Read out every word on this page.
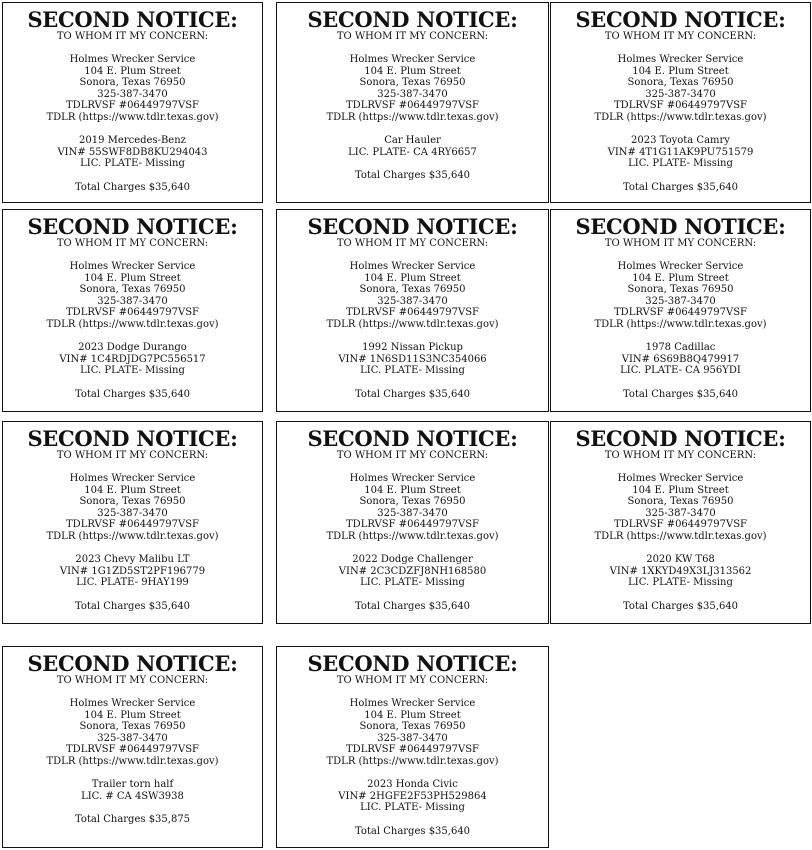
SECOND NOTICE:

TO WHOM IT MY CONCERN:

Holmes Wrecker Service

104 E. Plum Street

Sonora, Texas 76950

325-387-3470

TDLRVSF #06449797VSF

TDLR (https://www.tdlr.texas.gov)

2019 Mercedes-Benz

VIN# 55SWF8DB8KU294043

LIC. PLATE- Missing

Total Charges $35,640

SECOND NOTICE:

TO WHOM IT MY CONCERN:

Holmes Wrecker Service

104 E. Plum Street

Sonora, Texas 76950

325-387-3470

TDLRVSF #06449797VSF

TDLR (https://www.tdlr.texas.gov)

Car Hauler

LIC. PLATE- CA 4RY6657

Total Charges $35,640

SECOND NOTICE:

TO WHOM IT MY CONCERN:

Holmes Wrecker Service

104 E. Plum Street

Sonora, Texas 76950

325-387-3470

TDLRVSF #06449797VSF

TDLR (https://www.tdlr.texas.gov)

2023 Toyota Camry

VIN# 4T1G11AK9PU751579

LIC. PLATE- Missing

Total Charges $35,640

SECOND NOTICE:

TO WHOM IT MY CONCERN:

Holmes Wrecker Service

104 E. Plum Street

Sonora, Texas 76950

325-387-3470

TDLRVSF #06449797VSF

TDLR (https://www.tdlr.texas.gov)

2023 Dodge Durango

VIN# 1C4RDJDG7PC556517

LIC. PLATE- Missing

Total Charges $35,640

SECOND NOTICE:

TO WHOM IT MY CONCERN:

Holmes Wrecker Service

104 E. Plum Street

Sonora, Texas 76950

325-387-3470

TDLRVSF #06449797VSF

TDLR (https://www.tdlr.texas.gov)

1992 Nissan Pickup

VIN# 1N6SD11S3NC354066

LIC. PLATE- Missing

Total Charges $35,640

SECOND NOTICE:

TO WHOM IT MY CONCERN:

Holmes Wrecker Service

104 E. Plum Street

Sonora, Texas 76950

325-387-3470

TDLRVSF #06449797VSF

TDLR (https://www.tdlr.texas.gov)

1978 Cadillac

VIN# 6S69B8Q479917

LIC. PLATE- CA 956YDI

Total Charges $35,640

SECOND NOTICE:

TO WHOM IT MY CONCERN:

Holmes Wrecker Service

104 E. Plum Street

Sonora, Texas 76950

325-387-3470

TDLRVSF #06449797VSF

TDLR (https://www.tdlr.texas.gov)

2023 Chevy Malibu LT

VIN# 1G1ZD5ST2PF196779

LIC. PLATE- 9HAY199

Total Charges $35,640

SECOND NOTICE:

TO WHOM IT MY CONCERN:

Holmes Wrecker Service

104 E. Plum Street

Sonora, Texas 76950

325-387-3470

TDLRVSF #06449797VSF

TDLR (https://www.tdlr.texas.gov)

2022 Dodge Challenger

VIN# 2C3CDZFJ8NH168580

LIC. PLATE- Missing

Total Charges $35,640

SECOND NOTICE:

TO WHOM IT MY CONCERN:

Holmes Wrecker Service

104 E. Plum Street

Sonora, Texas 76950

325-387-3470

TDLRVSF #06449797VSF

TDLR (https://www.tdlr.texas.gov)

2020 KW T68

VIN# 1XKYD49X3LJ313562

LIC. PLATE- Missing

Total Charges $35,640

SECOND NOTICE:

TO WHOM IT MY CONCERN:

Holmes Wrecker Service

104 E. Plum Street

Sonora, Texas 76950

325-387-3470

TDLRVSF #06449797VSF

TDLR (https://www.tdlr.texas.gov)

Trailer torn half

LIC. # CA 4SW3938

Total Charges $35,875

SECOND NOTICE:

TO WHOM IT MY CONCERN:

Holmes Wrecker Service

104 E. Plum Street

Sonora, Texas 76950

325-387-3470

TDLRVSF #06449797VSF

TDLR (https://www.tdlr.texas.gov)

2023 Honda Civic

VIN# 2HGFE2F53PH529864

LIC. PLATE- Missing

Total Charges $35,640
